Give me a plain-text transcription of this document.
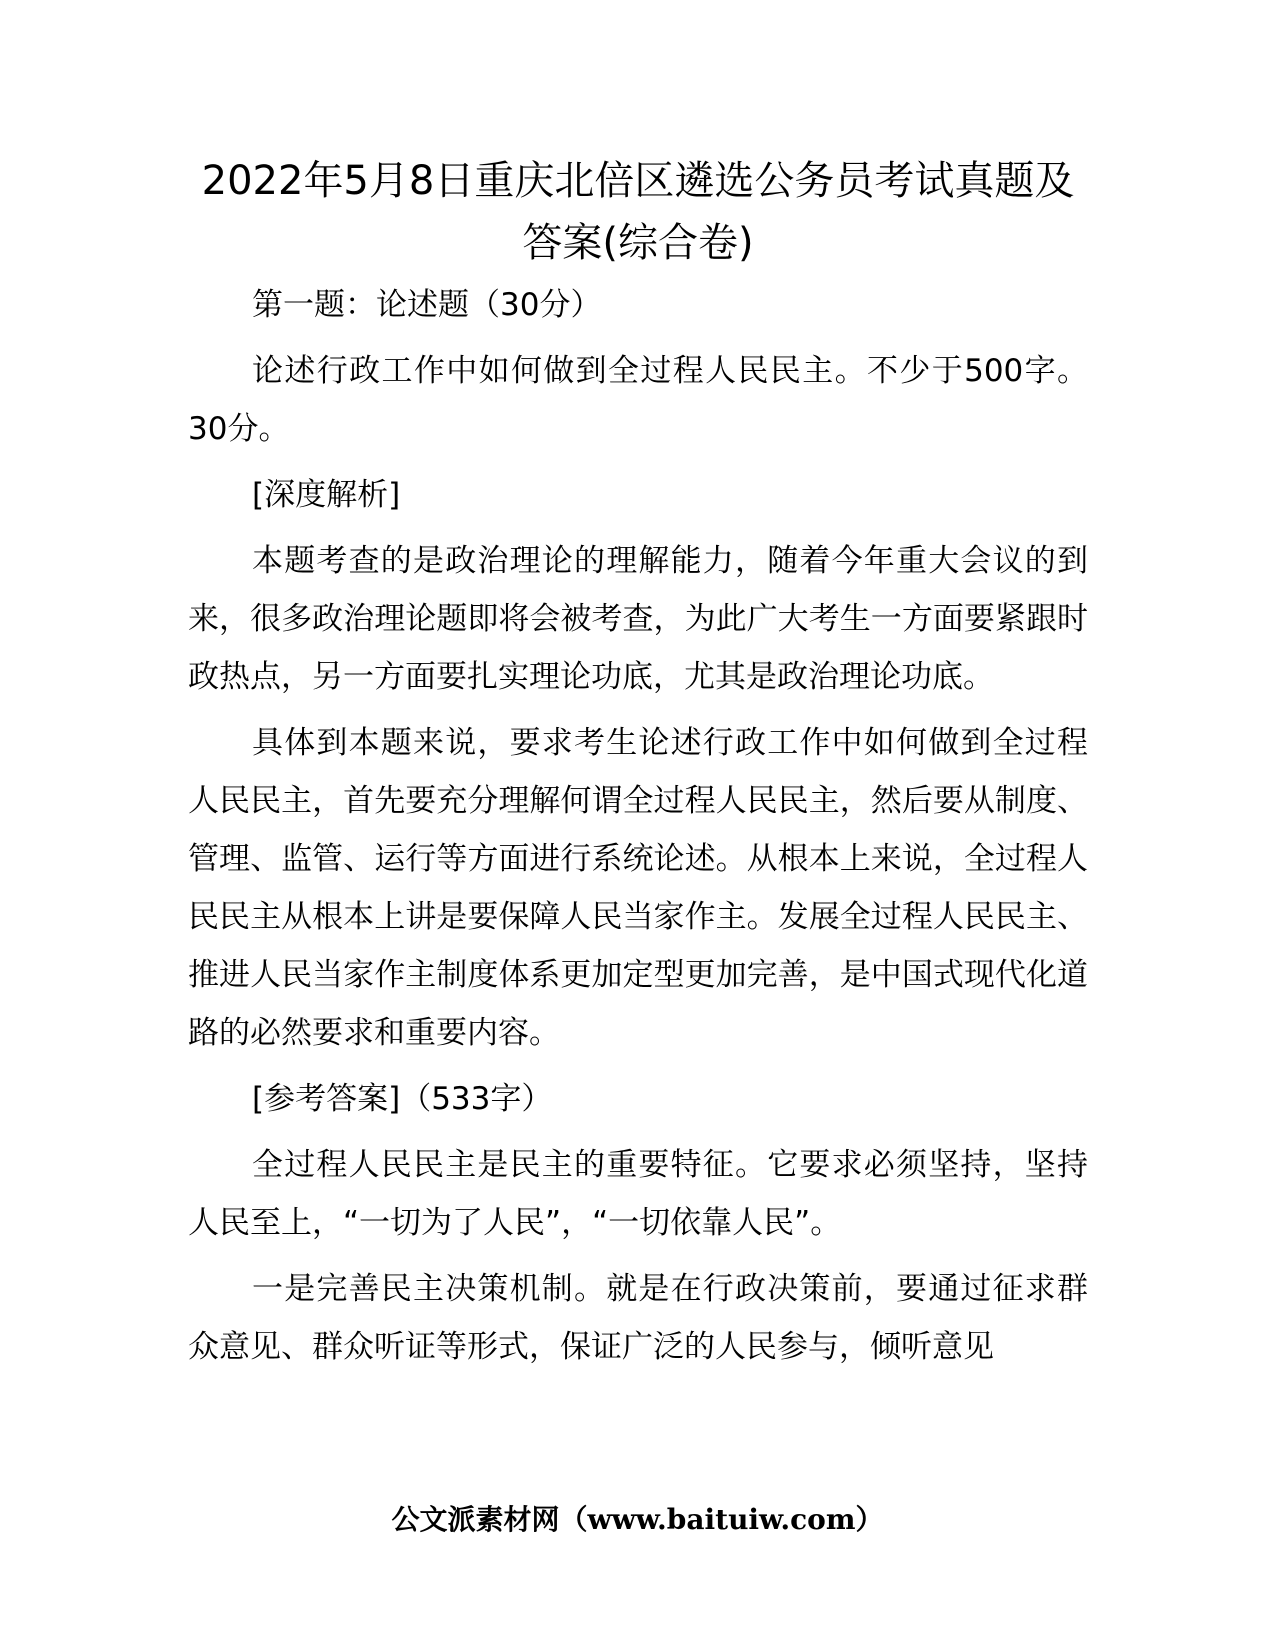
2022年5月8日重庆北倍区遴选公务员考试真题及答案(综合卷)

第一题：论述题（30分）

论述行政工作中如何做到全过程人民民主。不少于500字。30分。

[深度解析]

本题考查的是政治理论的理解能力，随着今年重大会议的到来，很多政治理论题即将会被考查，为此广大考生一方面要紧跟时政热点，另一方面要扎实理论功底，尤其是政治理论功底。

具体到本题来说，要求考生论述行政工作中如何做到全过程人民民主，首先要充分理解何谓全过程人民民主，然后要从制度、管理、监管、运行等方面进行系统论述。从根本上来说，全过程人民民主从根本上讲是要保障人民当家作主。发展全过程人民民主、推进人民当家作主制度体系更加定型更加完善，是中国式现代化道路的必然要求和重要内容。

[参考答案]（533字）

全过程人民民主是民主的重要特征。它要求必须坚持，坚持人民至上，“一切为了人民”，“一切依靠人民”。

一是完善民主决策机制。就是在行政决策前，要通过征求群众意见、群众听证等形式，保证广泛的人民参与，倾听意见

公文派素材网（www.baituiw.com）
